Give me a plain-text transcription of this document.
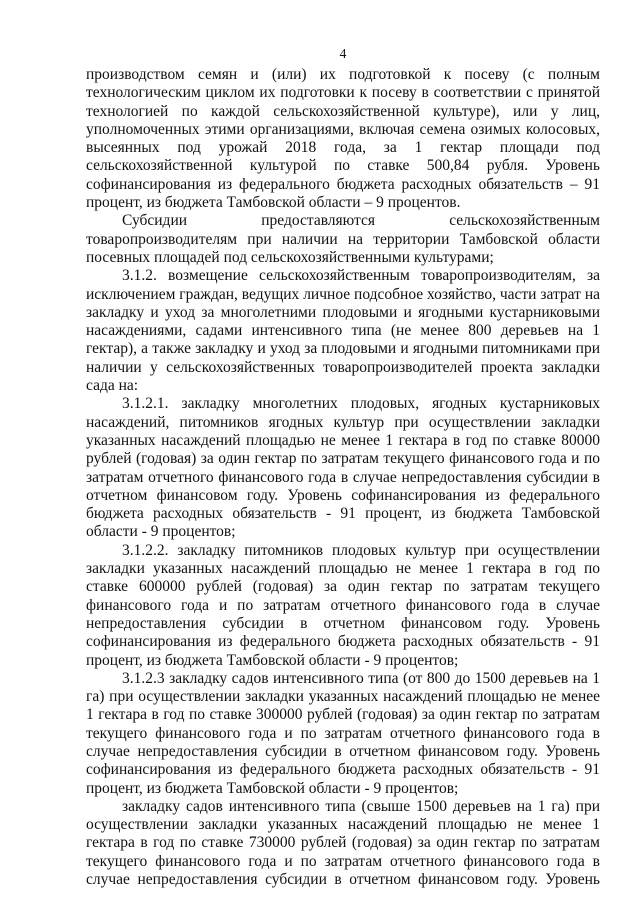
4

производством семян и (или) их подготовкой к посеву (с полным технологическим циклом их подготовки к посеву в соответствии с принятой технологией по каждой сельскохозяйственной культуре), или у лиц, уполномоченных этими организациями, включая семена озимых колосовых, высеянных под урожай 2018 года, за 1 гектар площади под сельскохозяйственной культурой по ставке 500,84 рубля. Уровень софинансирования из федерального бюджета расходных обязательств – 91 процент, из бюджета Тамбовской области – 9 процентов.

Субсидии предоставляются сельскохозяйственным товаропроизводителям при наличии на территории Тамбовской области посевных площадей под сельскохозяйственными культурами;

3.1.2. возмещение сельскохозяйственным товаропроизводителям, за исключением граждан, ведущих личное подсобное хозяйство, части затрат на закладку и уход за многолетними плодовыми и ягодными кустарниковыми насаждениями, садами интенсивного типа (не менее 800 деревьев на 1 гектар), а также закладку и уход за плодовыми и ягодными питомниками при наличии у сельскохозяйственных товаропроизводителей проекта закладки сада на:

3.1.2.1. закладку многолетних плодовых, ягодных кустарниковых насаждений, питомников ягодных культур при осуществлении закладки указанных насаждений площадью не менее 1 гектара в год по ставке 80000 рублей (годовая) за один гектар по затратам текущего финансового года и по затратам отчетного финансового года в случае непредоставления субсидии в отчетном финансовом году. Уровень софинансирования из федерального бюджета расходных обязательств - 91 процент, из бюджета Тамбовской области - 9 процентов;

3.1.2.2. закладку питомников плодовых культур при осуществлении закладки указанных насаждений площадью не менее 1 гектара в год по ставке 600000 рублей (годовая) за один гектар по затратам текущего финансового года и по затратам отчетного финансового года в случае непредоставления субсидии в отчетном финансовом году. Уровень софинансирования из федерального бюджета расходных обязательств - 91 процент, из бюджета Тамбовской области - 9 процентов;

3.1.2.3 закладку садов интенсивного типа (от 800 до 1500 деревьев на 1 га) при осуществлении закладки указанных насаждений площадью не менее 1 гектара в год по ставке 300000 рублей (годовая) за один гектар по затратам текущего финансового года и по затратам отчетного финансового года в случае непредоставления субсидии в отчетном финансовом году. Уровень софинансирования из федерального бюджета расходных обязательств - 91 процент, из бюджета Тамбовской области - 9 процентов;

закладку садов интенсивного типа (свыше 1500 деревьев на 1 га) при осуществлении закладки указанных насаждений площадью не менее 1 гектара в год по ставке 730000 рублей (годовая) за один гектар по затратам текущего финансового года и по затратам отчетного финансового года в случае непредоставления субсидии в отчетном финансовом году. Уровень
